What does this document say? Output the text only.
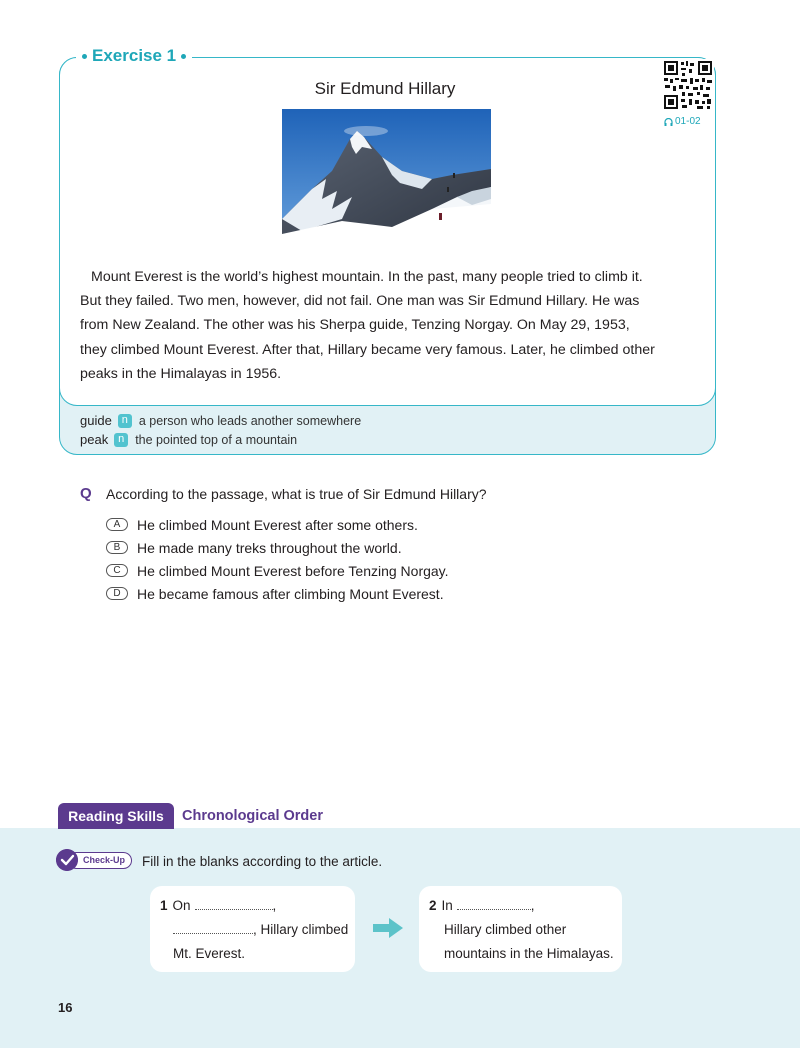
Exercise 1
Sir Edmund Hillary
01-02
Mount Everest is the world’s highest mountain. In the past, many people tried to climb it.
But they failed. Two men, however, did not fail. One man was Sir Edmund Hillary. He was
from New Zealand. The other was his Sherpa guide, Tenzing Norgay. On May 29, 1953,
they climbed Mount Everest. After that, Hillary became very famous. Later, he climbed other
peaks in the Himalayas in 1956.
guide n a person who leads another somewhere
peak n the pointed top of a mountain
Q According to the passage, what is true of Sir Edmund Hillary?
A	He climbed Mount Everest after some others.
B	He made many treks throughout the world.
C	He climbed Mount Everest before Tenzing Norgay.
D	He became famous after climbing Mount Everest.
Reading Skills	Chronological Order
Check-Up	Fill in the blanks according to the article.
1 On	,
, Hillary climbed
Mt. Everest.
2 In	,
Hillary climbed other
mountains in the Himalayas.
16
